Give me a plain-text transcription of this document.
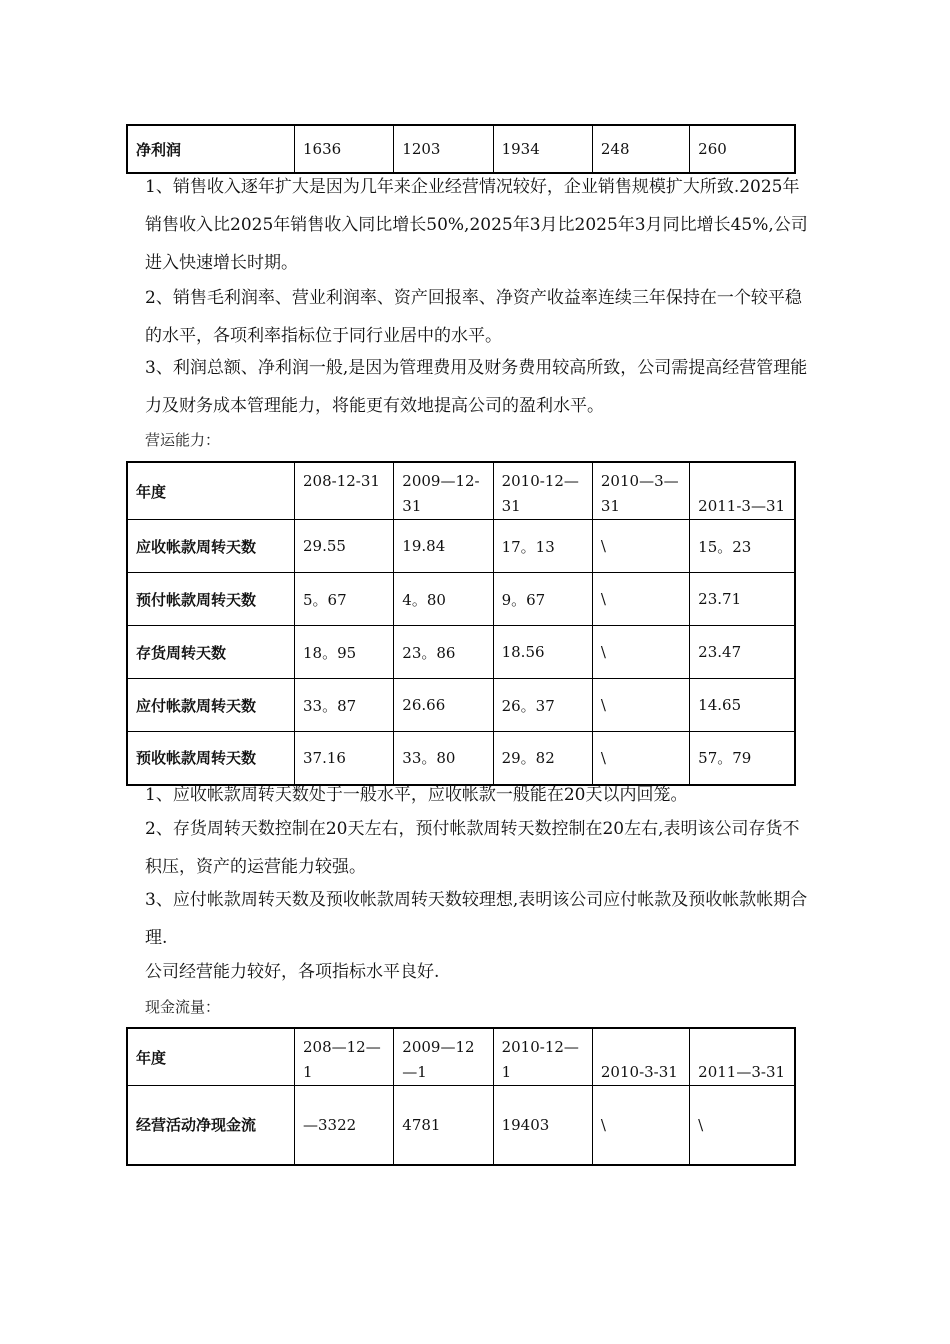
净利润	1636	1203	1934	248	260

1、销售收入逐年扩大是因为几年来企业经营情况较好，企业销售规模扩大所致.2025年销售收入比2025年销售收入同比增长50%,2025年3月比2025年3月同比增长45%,公司进入快速增长时期。

2、销售毛利润率、营业利润率、资产回报率、净资产收益率连续三年保持在一个较平稳的水平，各项利率指标位于同行业居中的水平。

3、利润总额、净利润一般,是因为管理费用及财务费用较高所致，公司需提高经营管理能力及财务成本管理能力，将能更有效地提高公司的盈利水平。

营运能力：

年度	208-12-31	2009—12-31	2010-12—31	2010—3—31	2011-3—31
应收帐款周转天数	29.55	19.84	17。13	\	15。23
预付帐款周转天数	5。67	4。80	9。67	\	23.71
存货周转天数	18。95	23。86	18.56	\	23.47
应付帐款周转天数	33。87	26.66	26。37	\	14.65
预收帐款周转天数	37.16	33。80	29。82	\	57。79

1、应收帐款周转天数处于一般水平，应收帐款一般能在20天以内回笼。

2、存货周转天数控制在20天左右，预付帐款周转天数控制在20左右,表明该公司存货不积压，资产的运营能力较强。

3、应付帐款周转天数及预收帐款周转天数较理想,表明该公司应付帐款及预收帐款帐期合理.

公司经营能力较好，各项指标水平良好.

现金流量：

年度	208—12—1	2009—12—1	2010-12—1	2010-3-31	2011—3-31
经营活动净现金流	—3322	4781	19403	\	\
